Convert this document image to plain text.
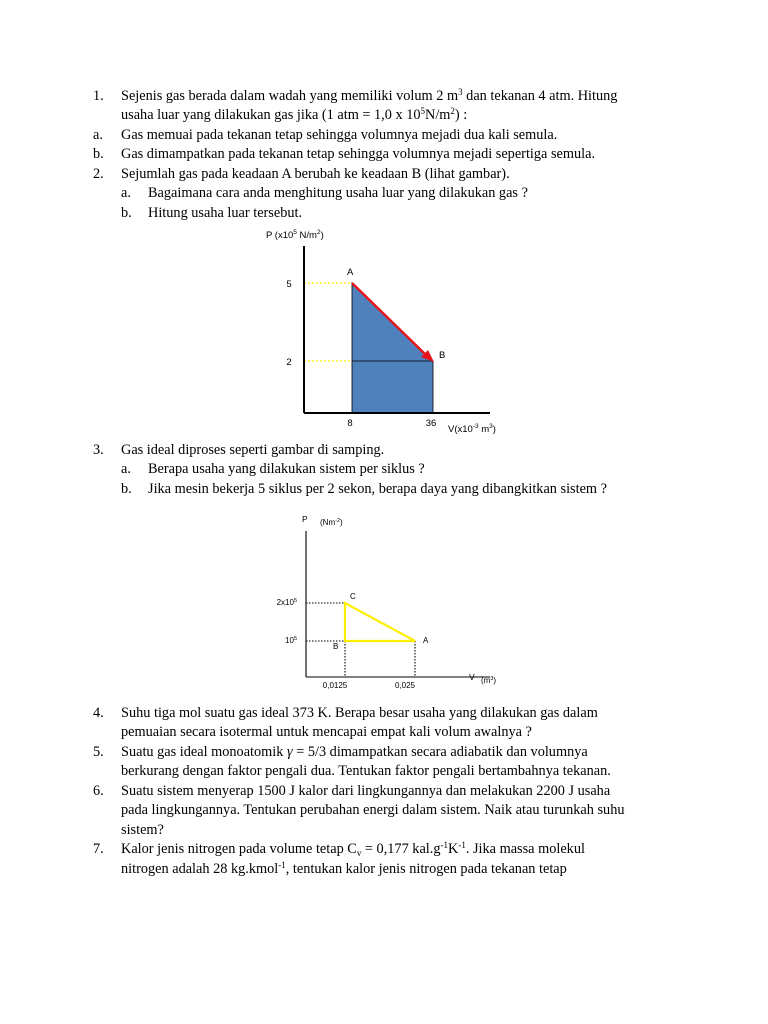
1. Sejenis gas berada dalam wadah yang memiliki volum 2 $m^3$ dan tekanan 4 atm. Hitung
usaha luar yang dilakukan gas jika (1 atm = 1,0 x $10^5N/m^2$) :
a. Gas memuai pada tekanan tetap sehingga volumnya mejadi dua kali semula.
b. Gas dimampatkan pada tekanan tetap sehingga volumnya mejadi sepertiga semula.
2. Sejumlah gas pada keadaan A berubah ke keadaan B (lihat gambar).
a. Bagaimana cara anda menghitung usaha luar yang dilakukan gas ?
b. Hitung usaha luar tersebut.
5
2
8	36
A
B
P ($x10^5$ $N/m^2$)
$V(x10^{-3}$ $m^3$)
3. Gas ideal diproses seperti gambar di samping.
a. Berapa usaha yang dilakukan sistem per siklus ?
b. Jika mesin bekerja 5 siklus per 2 sekon, berapa daya yang dibangkitkan sistem ?
$2x10^5$
$10^5$
0,0125	0,025
C
B
A
P $(Nm^{-2})$
V $(m^3)$
4. Suhu tiga mol suatu gas ideal 373 K. Berapa besar usaha yang dilakukan gas dalam
pemuaian secara isotermal untuk mencapai empat kali volum awalnya ?
5. Suatu gas ideal monoatomik γ = 5/3 dimampatkan secara adiabatik dan volumnya
berkurang dengan faktor pengali dua. Tentukan faktor pengali bertambahnya tekanan.
6. Suatu sistem menyerap 1500 J kalor dari lingkungannya dan melakukan 2200 J usaha
pada lingkungannya. Tentukan perubahan energi dalam sistem. Naik atau turunkah suhu
sistem?
7. Kalor jenis nitrogen pada volume tetap $C_v = 0,177$ $kal.g^{-1}K^{-1}$. Jika massa molekul
nitrogen adalah 28 kg.kmol$^{-1}$, tentukan kalor jenis nitrogen pada tekanan tetap
